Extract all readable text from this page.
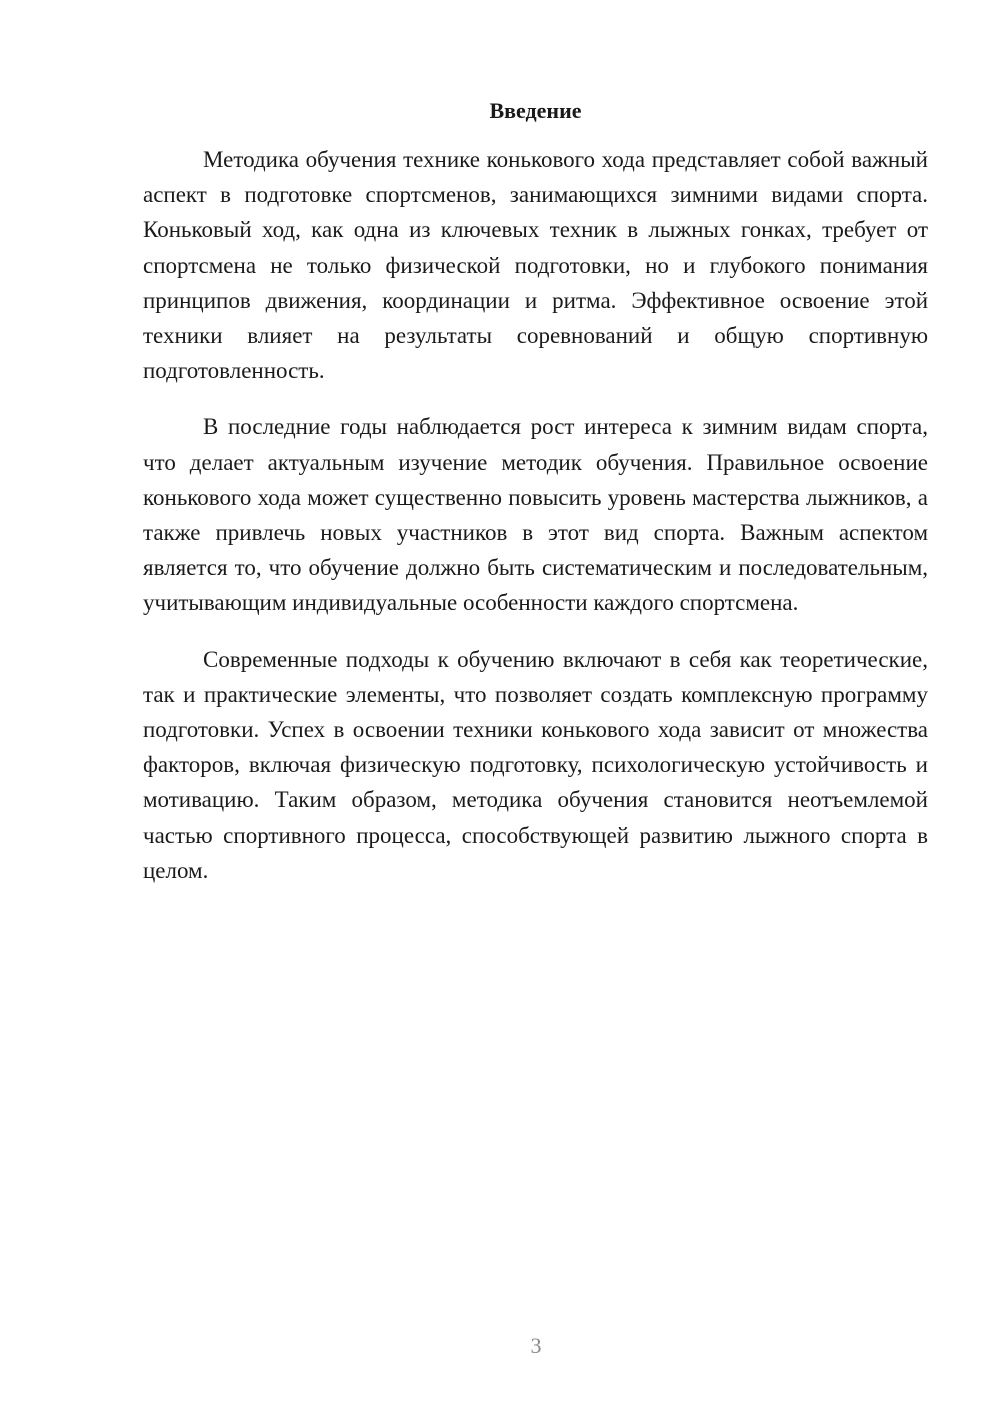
Введение

Методика обучения технике конькового хода представляет собой важный аспект в подготовке спортсменов, занимающихся зимними видами спорта. Коньковый ход, как одна из ключевых техник в лыжных гонках, требует от спортсмена не только физической подготовки, но и глубокого понимания принципов движения, координации и ритма. Эффективное освоение этой техники влияет на результаты соревнований и общую спортивную подготовленность.

В последние годы наблюдается рост интереса к зимним видам спорта, что делает актуальным изучение методик обучения. Правильное освоение конькового хода может существенно повысить уровень мастерства лыжников, а также привлечь новых участников в этот вид спорта. Важным аспектом является то, что обучение должно быть систематическим и последовательным, учитывающим индивидуальные особенности каждого спортсмена.

Современные подходы к обучению включают в себя как теоретические, так и практические элементы, что позволяет создать комплексную программу подготовки. Успех в освоении техники конькового хода зависит от множества факторов, включая физическую подготовку, психологическую устойчивость и мотивацию. Таким образом, методика обучения становится неотъемлемой частью спортивного процесса, способствующей развитию лыжного спорта в целом.

3
